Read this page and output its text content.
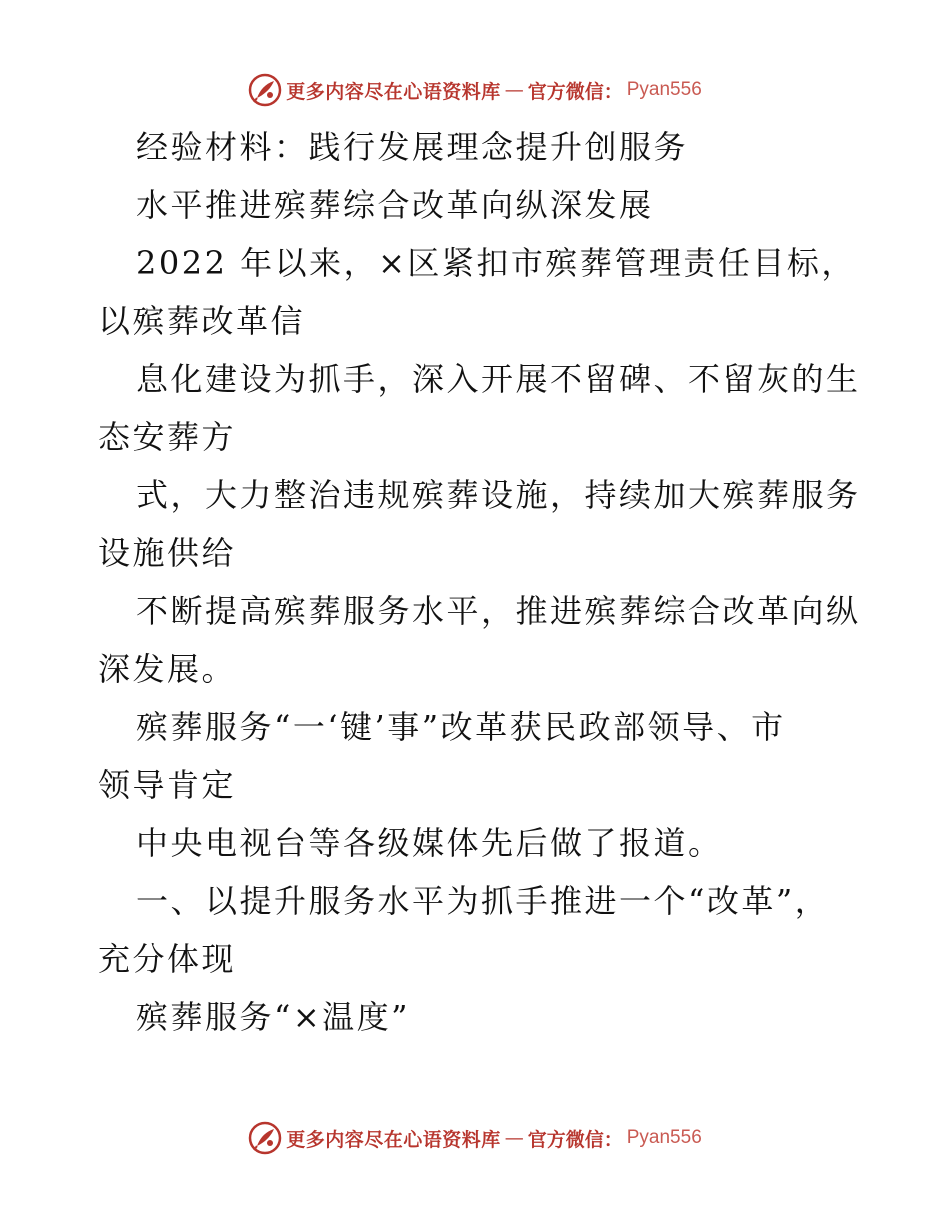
更多内容尽在心语资料库 — 官方微信： Pyan556
经验材料：践行发展理念提升创服务
水平推进殡葬综合改革向纵深发展
2022 年以来，×区紧扣市殡葬管理责任目标，
以殡葬改革信
息化建设为抓手，深入开展不留碑、不留灰的生
态安葬方
式，大力整治违规殡葬设施，持续加大殡葬服务
设施供给
不断提高殡葬服务水平，推进殡葬综合改革向纵
深发展。
殡葬服务“一‘键’事”改革获民政部领导、市
领导肯定
中央电视台等各级媒体先后做了报道。
一、以提升服务水平为抓手推进一个“改革”，
充分体现
殡葬服务“×温度”
更多内容尽在心语资料库 — 官方微信： Pyan556
